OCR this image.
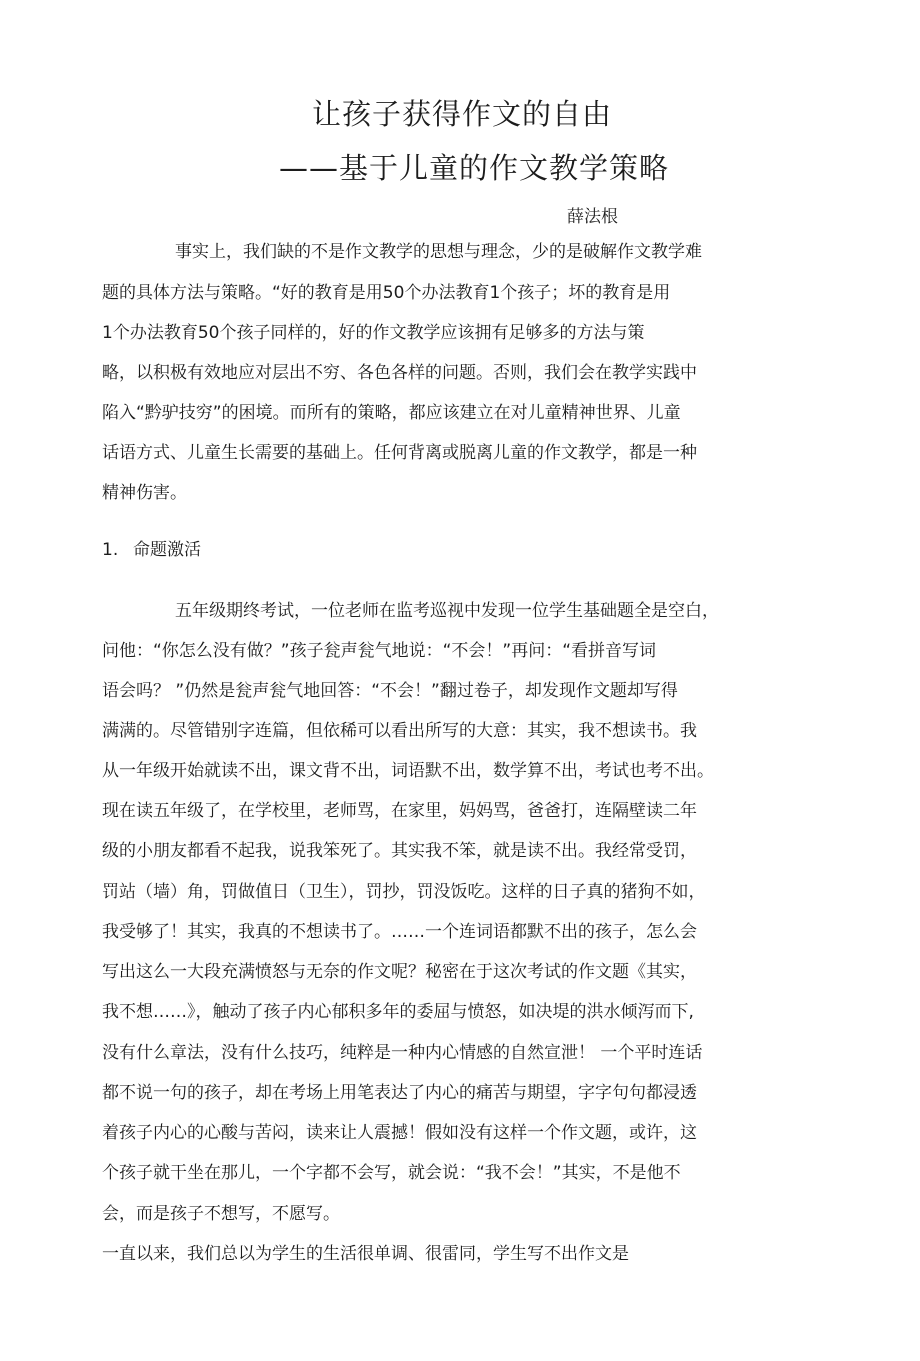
让孩子获得作文的自由
——基于儿童的作文教学策略
薛法根

事实上，我们缺的不是作文教学的思想与理念，少的是破解作文教学难

题的具体方法与策略。“好的教育是用50个办法教育1个孩子；坏的教育是用

1个办法教育50个孩子同样的，好的作文教学应该拥有足够多的方法与策

略，以积极有效地应对层出不穷、各色各样的问题。否则，我们会在教学实践中

陷入“黔驴技穷”的困境。而所有的策略，都应该建立在对儿童精神世界、儿童

话语方式、儿童生长需要的基础上。任何背离或脱离儿童的作文教学，都是一种

精神伤害。

1. 命题激活

五年级期终考试，一位老师在监考巡视中发现一位学生基础题全是空白，

问他：“你怎么没有做？”孩子瓮声瓮气地说：“不会！”再问：“看拼音写词

语会吗？ ”仍然是瓮声瓮气地回答：“不会！”翻过卷子，却发现作文题却写得

满满的。尽管错别字连篇，但依稀可以看出所写的大意：其实，我不想读书。我

从一年级开始就读不出，课文背不出，词语默不出，数学算不出，考试也考不出。

现在读五年级了，在学校里，老师骂，在家里，妈妈骂，爸爸打，连隔壁读二年

级的小朋友都看不起我，说我笨死了。其实我不笨，就是读不出。我经常受罚，

罚站（墙）角，罚做值日（卫生），罚抄，罚没饭吃。这样的日子真的猪狗不如，

我受够了！其实，我真的不想读书了。……一个连词语都默不出的孩子，怎么会

写出这么一大段充满愤怒与无奈的作文呢？秘密在于这次考试的作文题《其实，

我不想……》，触动了孩子内心郁积多年的委屈与愤怒，如决堤的洪水倾泻而下,

没有什么章法，没有什么技巧，纯粹是一种内心情感的自然宣泄！ 一个平时连话

都不说一句的孩子，却在考场上用笔表达了内心的痛苦与期望，字字句句都浸透

着孩子内心的心酸与苦闷，读来让人震撼！假如没有这样一个作文题，或许，这

个孩子就干坐在那儿，一个字都不会写，就会说：“我不会！”其实，不是他不

会，而是孩子不想写，不愿写。

一直以来，我们总以为学生的生活很单调、很雷同，学生写不出作文是
